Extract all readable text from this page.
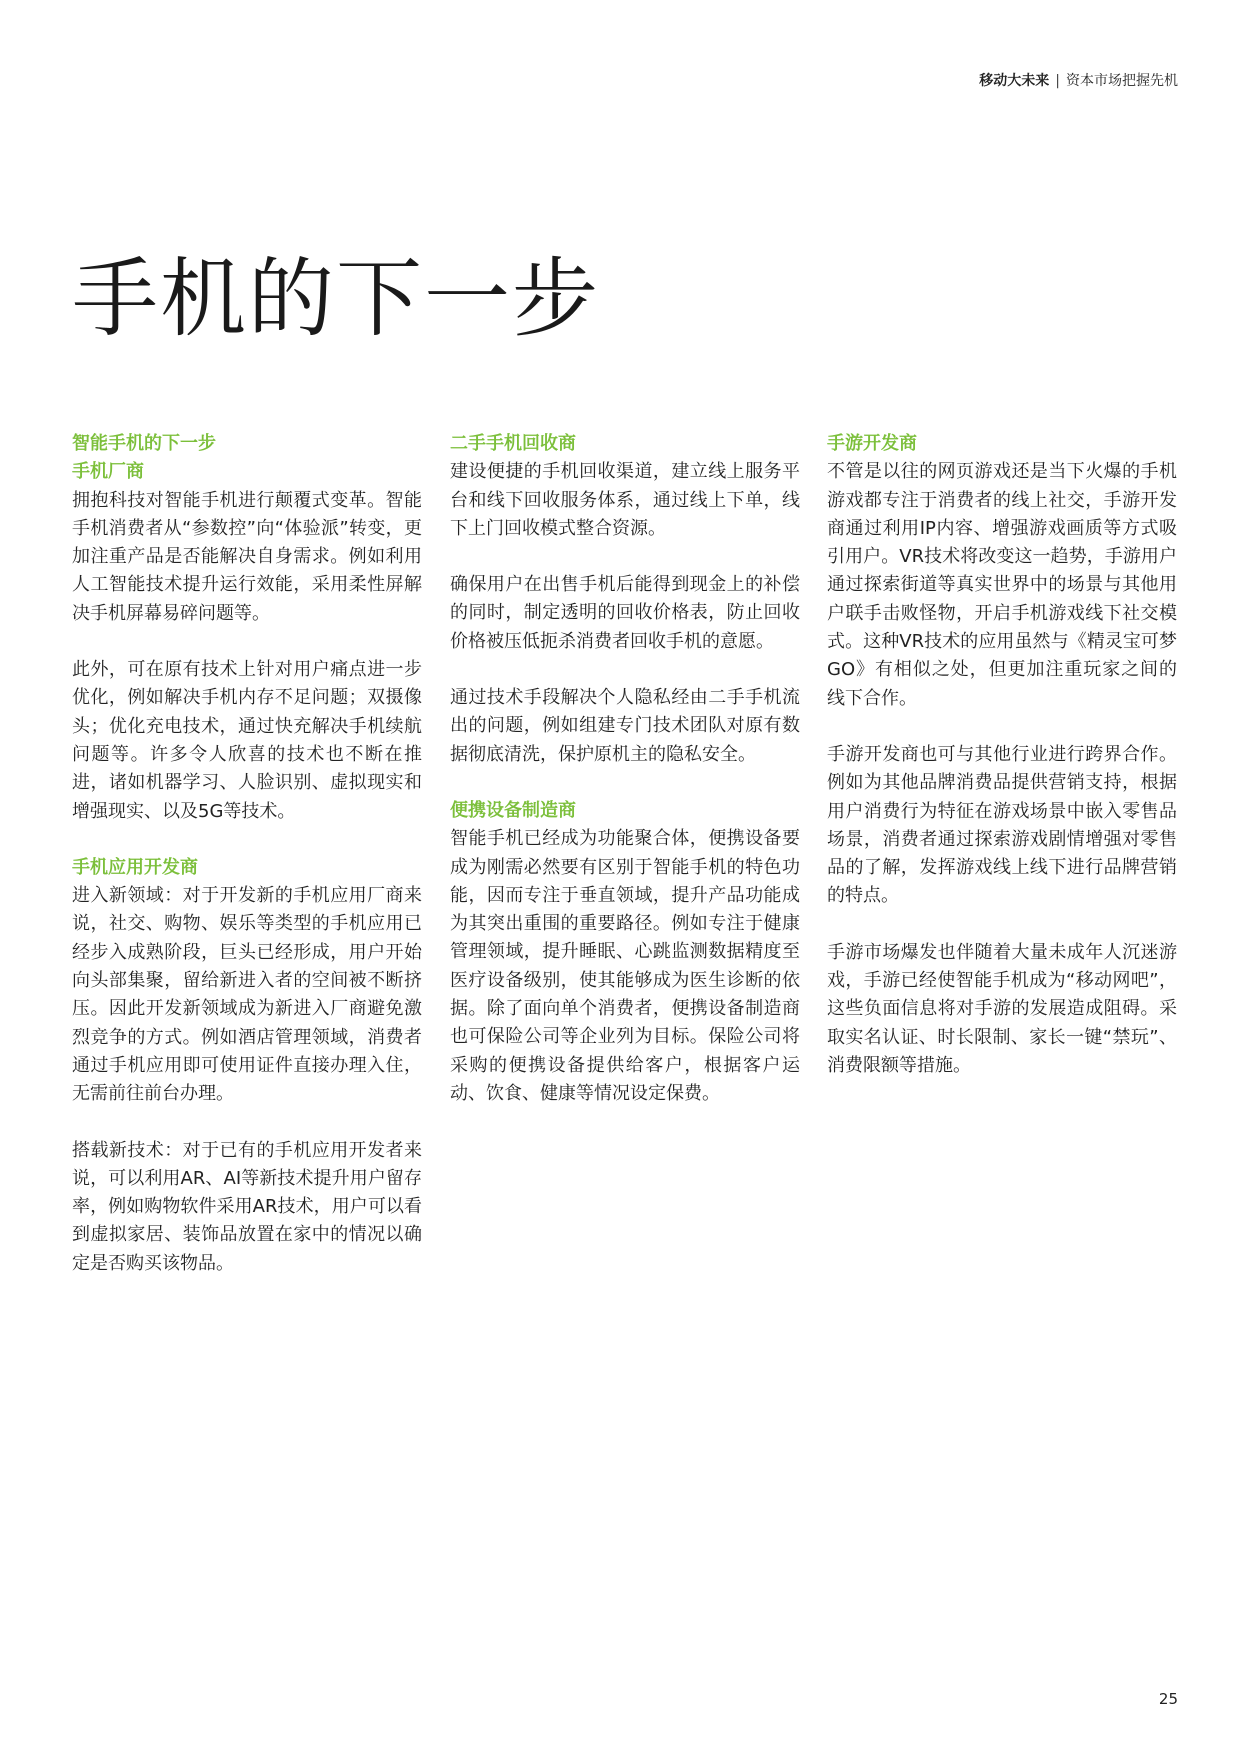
移动大未来 | 资本市场把握先机
手机的下一步
智能手机的下一步
手机厂商

拥抱科技对智能手机进行颠覆式变革。智能手机消费者从“参数控”向“体验派”转变，更加注重产品是否能解决自身需求。例如利用人工智能技术提升运行效能，采用柔性屏解决手机屏幕易碎问题等。

此外，可在原有技术上针对用户痛点进一步优化，例如解决手机内存不足问题；双摄像头；优化充电技术，通过快充解决手机续航问题等。许多令人欣喜的技术也不断在推进，诸如机器学习、人脸识别、虚拟现实和增强现实、以及5G等技术。

手机应用开发商

进入新领域：对于开发新的手机应用厂商来说，社交、购物、娱乐等类型的手机应用已经步入成熟阶段，巨头已经形成，用户开始向头部集聚，留给新进入者的空间被不断挤压。因此开发新领域成为新进入厂商避免激烈竞争的方式。例如酒店管理领域，消费者通过手机应用即可使用证件直接办理入住，无需前往前台办理。

搭载新技术：对于已有的手机应用开发者来说，可以利用AR、AI等新技术提升用户留存率，例如购物软件采用AR技术，用户可以看到虚拟家居、装饰品放置在家中的情况以确定是否购买该物品。

二手手机回收商

建设便捷的手机回收渠道，建立线上服务平台和线下回收服务体系，通过线上下单，线下上门回收模式整合资源。

确保用户在出售手机后能得到现金上的补偿的同时，制定透明的回收价格表，防止回收价格被压低扼杀消费者回收手机的意愿。

通过技术手段解决个人隐私经由二手手机流出的问题，例如组建专门技术团队对原有数据彻底清洗，保护原机主的隐私安全。

便携设备制造商

智能手机已经成为功能聚合体，便携设备要成为刚需必然要有区别于智能手机的特色功能，因而专注于垂直领域，提升产品功能成为其突出重围的重要路径。例如专注于健康管理领域，提升睡眠、心跳监测数据精度至医疗设备级别，使其能够成为医生诊断的依据。除了面向单个消费者，便携设备制造商也可保险公司等企业列为目标。保险公司将采购的便携设备提供给客户，根据客户运动、饮食、健康等情况设定保费。

手游开发商

不管是以往的网页游戏还是当下火爆的手机游戏都专注于消费者的线上社交，手游开发商通过利用IP内容、增强游戏画质等方式吸引用户。VR技术将改变这一趋势，手游用户通过探索街道等真实世界中的场景与其他用户联手击败怪物，开启手机游戏线下社交模式。这种VR技术的应用虽然与《精灵宝可梦GO》有相似之处，但更加注重玩家之间的线下合作。

手游开发商也可与其他行业进行跨界合作。例如为其他品牌消费品提供营销支持，根据用户消费行为特征在游戏场景中嵌入零售品场景，消费者通过探索游戏剧情增强对零售品的了解，发挥游戏线上线下进行品牌营销的特点。

手游市场爆发也伴随着大量未成年人沉迷游戏，手游已经使智能手机成为“移动网吧”，这些负面信息将对手游的发展造成阻碍。采取实名认证、时长限制、家长一键“禁玩”、消费限额等措施。

25
